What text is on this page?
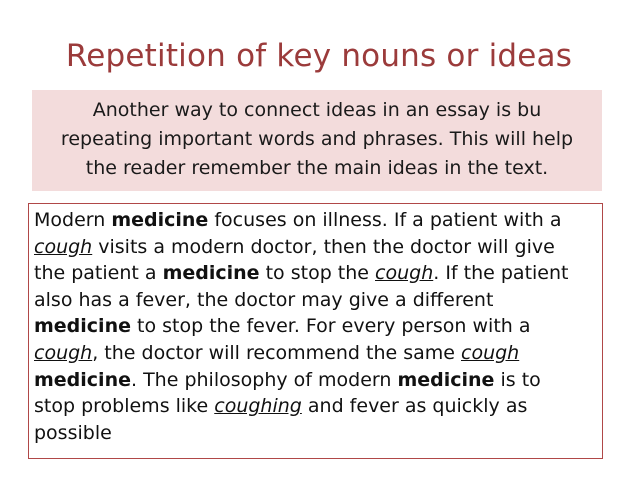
Repetition of key nouns or ideas
Another way to connect ideas in an essay is bu
repeating important words and phrases. This will help
the reader remember the main ideas in the text.
Modern medicine focuses on illness. If a patient with a
cough visits a modern doctor, then the doctor will give
the patient a medicine to stop the cough. If the patient
also has a fever, the doctor may give a different
medicine to stop the fever. For every person with a
cough, the doctor will recommend the same cough
medicine. The philosophy of modern medicine is to
stop problems like coughing and fever as quickly as
possible
